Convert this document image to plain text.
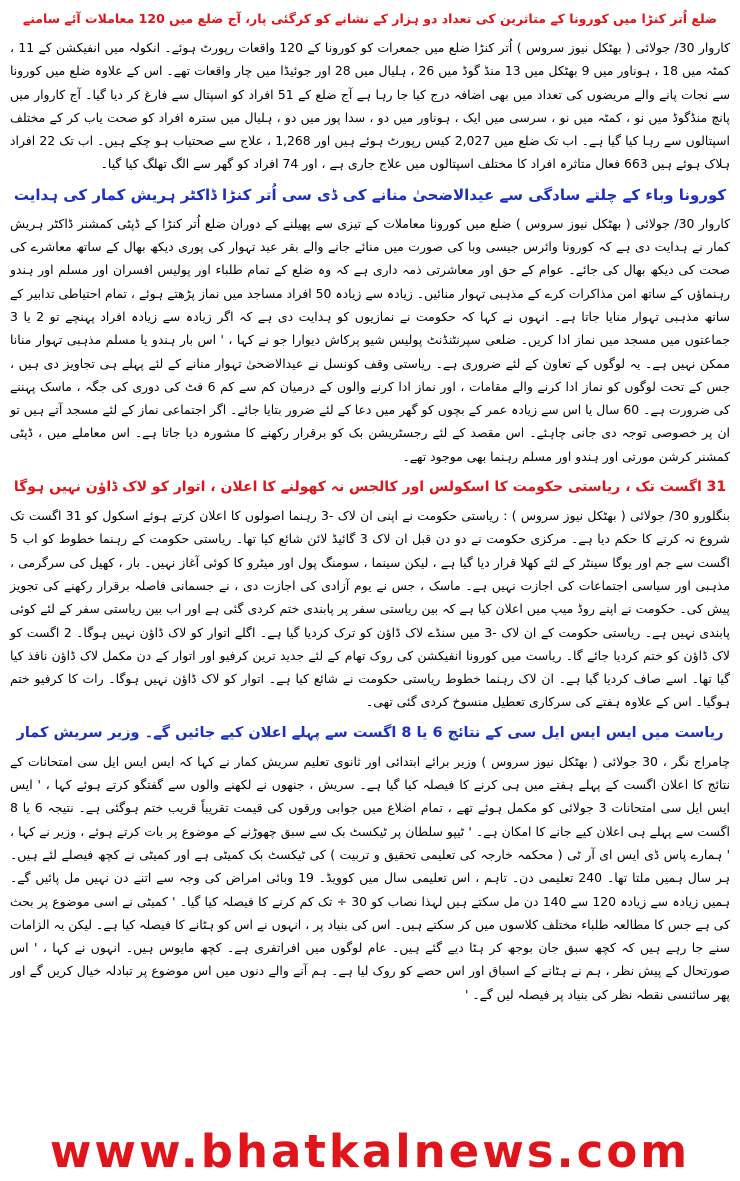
ضلع اُتر کنڑا میں کورونا کے متاثرین کی تعداد دو ہزار کے نشانے کو کرگئی پار، آج ضلع میں 120 معاملات آئے سامنے

کاروار 30/ جولائی ( بھٹکل نیوز سروس ) اُتر کنڑا ضلع میں جمعرات کو کورونا کے 120 واقعات رپورٹ ہوئے۔ انکولہ میں انفیکشن کے 11 ، کمٹہ میں 18 ، ہوناور میں 9 بھٹکل میں 13 منڈ گوڈ میں 26 ، ہلیال میں 28 اور جوئیڈا میں چار واقعات تھے۔ اس کے علاوہ ضلع میں کورونا سے نجات پانے والے مریضوں کی تعداد میں بھی اضافہ درج کیا جا رہا ہے آج ضلع کے 51 افراد کو اسپتال سے فارغ کر دیا گیا۔ آج کاروار میں پانچ منڈگوڈ میں نو ، کمٹہ میں نو ، سرسی میں ایک ، ہوناور میں دو ، سدا پور میں دو ، ہلیال میں سترہ افراد کو صحت یاب کر کے مختلف اسپتالوں سے رہا کیا گیا ہے۔ اب تک ضلع میں 2,027 کیس رپورٹ ہوئے ہیں اور 1,268 ، علاج سے صحتیاب ہو چکے ہیں۔ اب تک 22 افراد ہلاک ہوئے ہیں 663 فعال متاثرہ افراد کا مختلف اسپتالوں میں علاج جاری ہے ، اور 74 افراد کو گھر سے الگ تھلگ کیا گیا۔

کورونا وباء کے چلتے سادگی سے عیدالاضحیٰ منانے کی ڈی سی اُتر کنڑا ڈاکٹر ہریش کمار کی ہدایت

کاروار 30/ جولائی ( بھٹکل نیوز سروس ) ضلع میں کورونا معاملات کے تیزی سے پھیلنے کے دوران ضلع اُتر کنڑا کے ڈپٹی کمشنر ڈاکٹر ہریش کمار نے ہدایت دی ہے کہ کورونا وائرس جیسی وبا کی صورت میں منائے جانے والے بقر عید تہوار کی پوری دیکھ بھال کے ساتھ معاشرے کی صحت کی دیکھ بھال کی جائے۔ عوام کے حق اور معاشرتی ذمہ داری ہے کہ وہ ضلع کے تمام طلباء اور پولیس افسران اور مسلم اور ہندو رہنماؤں کے ساتھ امن مذاکرات کرے کے مذہبی تہوار منائیں۔ زیادہ سے زیادہ 50 افراد مساجد میں نماز پڑھتے ہوئے ، تمام احتیاطی تدابیر کے ساتھ مذہبی تہوار منایا جاتا ہے۔ انہوں نے کہا کہ حکومت نے نمازیوں کو ہدایت دی ہے کہ اگر زیادہ سے زیادہ افراد پہنچے تو 2 یا 3 جماعتوں میں مسجد میں نماز ادا کریں۔ ضلعی سپرنٹنڈنٹ پولیس شیو پرکاش دیوارا جو نے کہا ، ' اس بار ہندو یا مسلم مذہبی تہوار منانا ممکن نہیں ہے۔ یہ لوگوں کے تعاون کے لئے ضروری ہے۔ ریاستی وقف کونسل نے عیدالاضحیٰ تہوار منانے کے لئے پہلے ہی تجاویز دی ہیں ، جس کے تحت لوگوں کو نماز ادا کرنے والے مقامات ، اور نماز ادا کرنے والوں کے درمیان کم سے کم 6 فٹ کی دوری کی جگہ ، ماسک پہننے کی ضرورت ہے۔ 60 سال یا اس سے زیادہ عمر کے بچوں کو گھر میں دعا کے لئے ضرور بتایا جائے۔ اگر اجتماعی نماز کے لئے مسجد آتے ہیں تو ان پر خصوصی توجہ دی جانی چاہئے۔ اس مقصد کے لئے رجسٹریشن بک کو برقرار رکھنے کا مشورہ دیا جاتا ہے۔ اس معاملے میں ، ڈپٹی کمشنر کرشن مورتی اور ہندو اور مسلم رہنما بھی موجود تھے۔

31 اگست تک ، ریاستی حکومت کا اسکولس اور کالجس نہ کھولنے کا اعلان ، اتوار کو لاک ڈاؤن نہیں ہوگا

بنگلورو 30/ جولائی ( بھٹکل نیوز سروس ) : ریاستی حکومت نے اپنی ان لاک -3 رہنما اصولوں کا اعلان کرتے ہوئے اسکول کو 31 اگست تک شروع نہ کرنے کا حکم دیا ہے۔ مرکزی حکومت نے دو دن قبل ان لاک 3 گائیڈ لائن شائع کیا تھا۔ ریاستی حکومت کے رہنما خطوط کو اب 5 اگست سے جم اور یوگا سینٹر کے لئے کھلا قرار دیا گیا ہے ، لیکن سینما ، سومنگ پول اور میٹرو کا کوئی آغاز نہیں۔ بار ، کھیل کی سرگرمی ، مذہبی اور سیاسی اجتماعات کی اجازت نہیں ہے۔ ماسک ، جس نے یوم آزادی کی اجازت دی ، نے جسمانی فاصلہ برقرار رکھنے کی تجویز پیش کی۔ حکومت نے اپنے روڈ میپ میں اعلان کیا ہے کہ بین ریاستی سفر پر پابندی ختم کردی گئی ہے اور اب بین ریاستی سفر کے لئے کوئی پابندی نہیں ہے۔ ریاستی حکومت کے ان لاک -3 میں سنڈے لاک ڈاؤن کو ترک کردیا گیا ہے۔ اگلے اتوار کو لاک ڈاؤن نہیں ہوگا۔ 2 اگست کو لاک ڈاؤن کو ختم کردیا جائے گا۔ ریاست میں کورونا انفیکشن کی روک تھام کے لئے جدید ترین کرفیو اور اتوار کے دن مکمل لاک ڈاؤن نافذ کیا گیا تھا۔ اسے صاف کردیا گیا ہے۔ ان لاک رہنما خطوط ریاستی حکومت نے شائع کیا ہے۔ اتوار کو لاک ڈاؤن نہیں ہوگا۔ رات کا کرفیو ختم ہوگیا۔ اس کے علاوہ ہفتے کی سرکاری تعطیل منسوخ کردی گئی تھی۔

ریاست میں ایس ایس ایل سی کے نتائج 6 یا 8 اگست سے پہلے اعلان کیے جائیں گے۔ وزیر سریش کمار

چامراج نگر ، 30 جولائی ( بھٹکل نیوز سروس ) وزیر برائے ابتدائی اور ثانوی تعلیم سریش کمار نے کہا کہ ایس ایس ایل سی امتحانات کے نتائج کا اعلان اگست کے پہلے ہفتے میں ہی کرنے کا فیصلہ کیا گیا ہے۔ سریش ، جنھوں نے لکھنے والوں سے گفتگو کرتے ہوئے کہا ، ' ایس ایس ایل سی امتحانات 3 جولائی کو مکمل ہوئے تھے ، تمام اضلاع میں جوابی ورقوں کی قیمت تقریباً قریب ختم ہوگئی ہے۔ نتیجہ 6 یا 8 اگست سے پہلے ہی اعلان کیے جانے کا امکان ہے۔ ' ٹیپو سلطان پر ٹیکسٹ بک سے سبق چھوڑنے کے موضوع پر بات کرتے ہوئے ، وزیر نے کہا ، ' ہمارے پاس ڈی ایس ای آر ٹی ( محکمہ خارجہ کی تعلیمی تحقیق و تربیت ) کی ٹیکسٹ بک کمیٹی ہے اور کمیٹی نے کچھ فیصلے لئے ہیں۔ ہر سال ہمیں ملتا تھا۔ 240 تعلیمی دن۔ تاہم ، اس تعلیمی سال میں کوویڈ۔ 19 وبائی امراض کی وجہ سے اتنے دن نہیں مل پائیں گے۔ ہمیں زیادہ سے زیادہ 120 سے 140 دن مل سکتے ہیں لہذا نصاب کو 30 ÷ تک کم کرنے کا فیصلہ کیا گیا۔ ' کمیٹی نے اسی موضوع پر بحث کی ہے جس کا مطالعہ طلباء مختلف کلاسوں میں کر سکتے ہیں۔ اس کی بنیاد پر ، انہوں نے اس کو ہٹانے کا فیصلہ کیا ہے۔ لیکن یہ الزامات سنے جا رہے ہیں کہ کچھ سبق جان بوجھ کر ہٹا دیے گئے ہیں۔ عام لوگوں میں افراتفری ہے۔ کچھ مایوس ہیں۔ انہوں نے کہا ، ' اس صورتحال کے پیش نظر ، ہم نے ہٹانے کے اسباق اور اس حصے کو روک لیا ہے۔ ہم آنے والے دنوں میں اس موضوع پر تبادلہ خیال کریں گے اور پھر سائنسی نقطہ نظر کی بنیاد پر فیصلہ لیں گے۔ '

www.bhatkalnews.com
